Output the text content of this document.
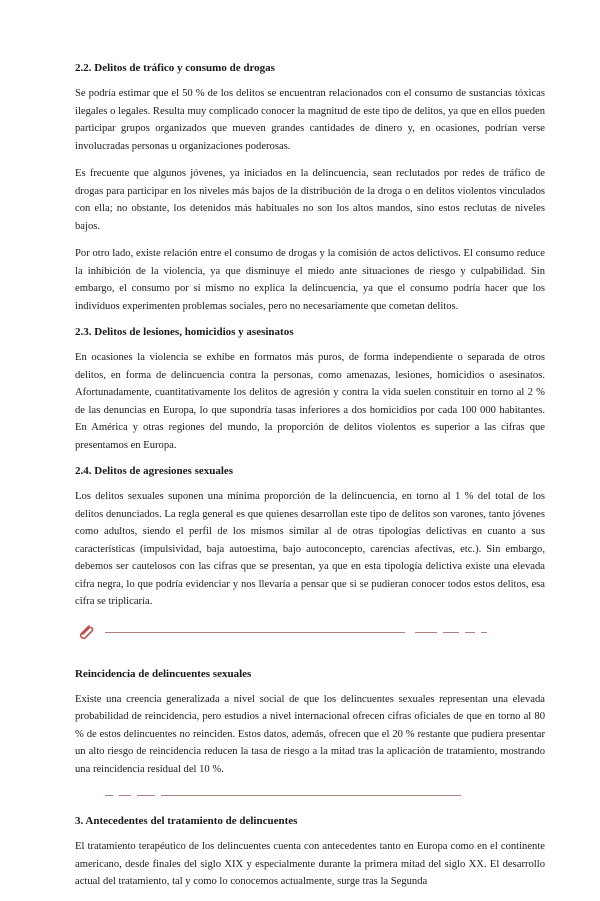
2.2. Delitos de tráfico y consumo de drogas

Se podría estimar que el 50 % de los delitos se encuentran relacionados con el consumo de sustancias tóxicas ilegales o legales. Resulta muy complicado conocer la magnitud de este tipo de delitos, ya que en ellos pueden participar grupos organizados que mueven grandes cantidades de dinero y, en ocasiones, podrían verse involucradas personas u organizaciones poderosas.

Es frecuente que algunos jóvenes, ya iniciados en la delincuencia, sean reclutados por redes de tráfico de drogas para participar en los niveles más bajos de la distribución de la droga o en delitos violentos vinculados con ella; no obstante, los detenidos más habituales no son los altos mandos, sino estos reclutas de niveles bajos.

Por otro lado, existe relación entre el consumo de drogas y la comisión de actos delictivos. El consumo reduce la inhibición de la violencia, ya que disminuye el miedo ante situaciones de riesgo y culpabilidad. Sin embargo, el consumo por sí mismo no explica la delincuencia, ya que el consumo podría hacer que los individuos experimenten problemas sociales, pero no necesariamente que cometan delitos.

2.3. Delitos de lesiones, homicidios y asesinatos

En ocasiones la violencia se exhibe en formatos más puros, de forma independiente o separada de otros delitos, en forma de delincuencia contra la personas, como amenazas, lesiones, homicidios o asesinatos. Afortunadamente, cuantitativamente los delitos de agresión y contra la vida suelen constituir en torno al 2 % de las denuncias en Europa, lo que supondría tasas inferiores a dos homicidios por cada 100 000 habitantes. En América y otras regiones del mundo, la proporción de delitos violentos es superior a las cifras que presentamos en Europa.

2.4. Delitos de agresiones sexuales

Los delitos sexuales suponen una mínima proporción de la delincuencia, en torno al 1 % del total de los delitos denunciados. La regla general es que quienes desarrollan este tipo de delitos son varones, tanto jóvenes como adultos, siendo el perfil de los mismos similar al de otras tipologías delictivas en cuanto a sus características (impulsividad, baja autoestima, bajo autoconcepto, carencias afectivas, etc.). Sin embargo, debemos ser cautelosos con las cifras que se presentan, ya que en esta tipología delictiva existe una elevada cifra negra, lo que podría evidenciar y nos llevaría a pensar que si se pudieran conocer todos estos delitos, esa cifra se triplicaría.

Reincidencia de delincuentes sexuales

Existe una creencia generalizada a nivel social de que los delincuentes sexuales representan una elevada probabilidad de reincidencia, pero estudios a nivel internacional ofrecen cifras oficiales de que en torno al 80 % de estos delincuentes no reinciden. Estos datos, además, ofrecen que el 20 % restante que pudiera presentar un alto riesgo de reincidencia reducen la tasa de riesgo a la mitad tras la aplicación de tratamiento, mostrando una reincidencia residual del 10 %.

3. Antecedentes del tratamiento de delincuentes

El tratamiento terapéutico de los delincuentes cuenta con antecedentes tanto en Europa como en el continente americano, desde finales del siglo XIX y especialmente durante la primera mitad del siglo XX. El desarrollo actual del tratamiento, tal y como lo conocemos actualmente, surge tras la Segunda
